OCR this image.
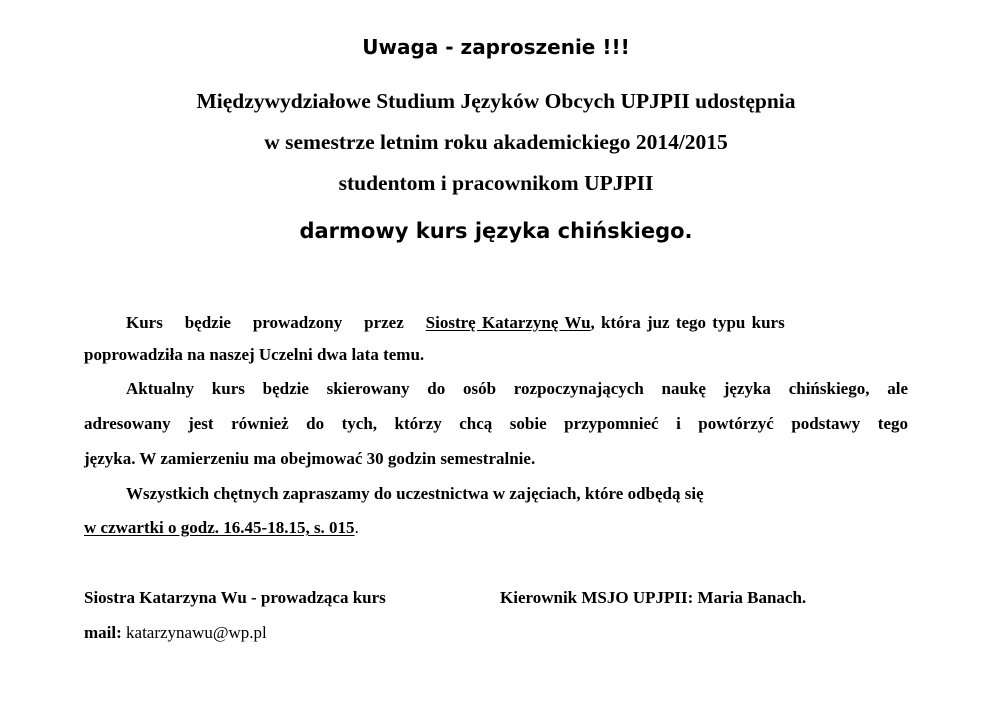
Uwaga - zaproszenie !!!
Międzywydziałowe Studium Języków Obcych UPJPII udostępnia
w semestrze letnim roku akademickiego 2014/2015
studentom i pracownikom UPJPII
darmowy kurs języka chińskiego.
Kurs będzie prowadzony przez Siostrę Katarzynę Wu, która juz tego typu kurs
poprowadziła na naszej Uczelni dwa lata temu.
Aktualny kurs będzie skierowany do osób rozpoczynających naukę języka chińskiego, ale
adresowany jest również do tych, którzy chcą sobie przypomnieć i powtórzyć podstawy tego
języka. W zamierzeniu ma obejmować 30 godzin semestralnie.
Wszystkich chętnych zapraszamy do uczestnictwa w zajęciach, które odbędą się
w czwartki o godz. 16.45-18.15, s. 015.
Siostra Katarzyna Wu - prowadząca kurs	Kierownik MSJO UPJPII: Maria Banach.
mail: katarzynawu@wp.pl
